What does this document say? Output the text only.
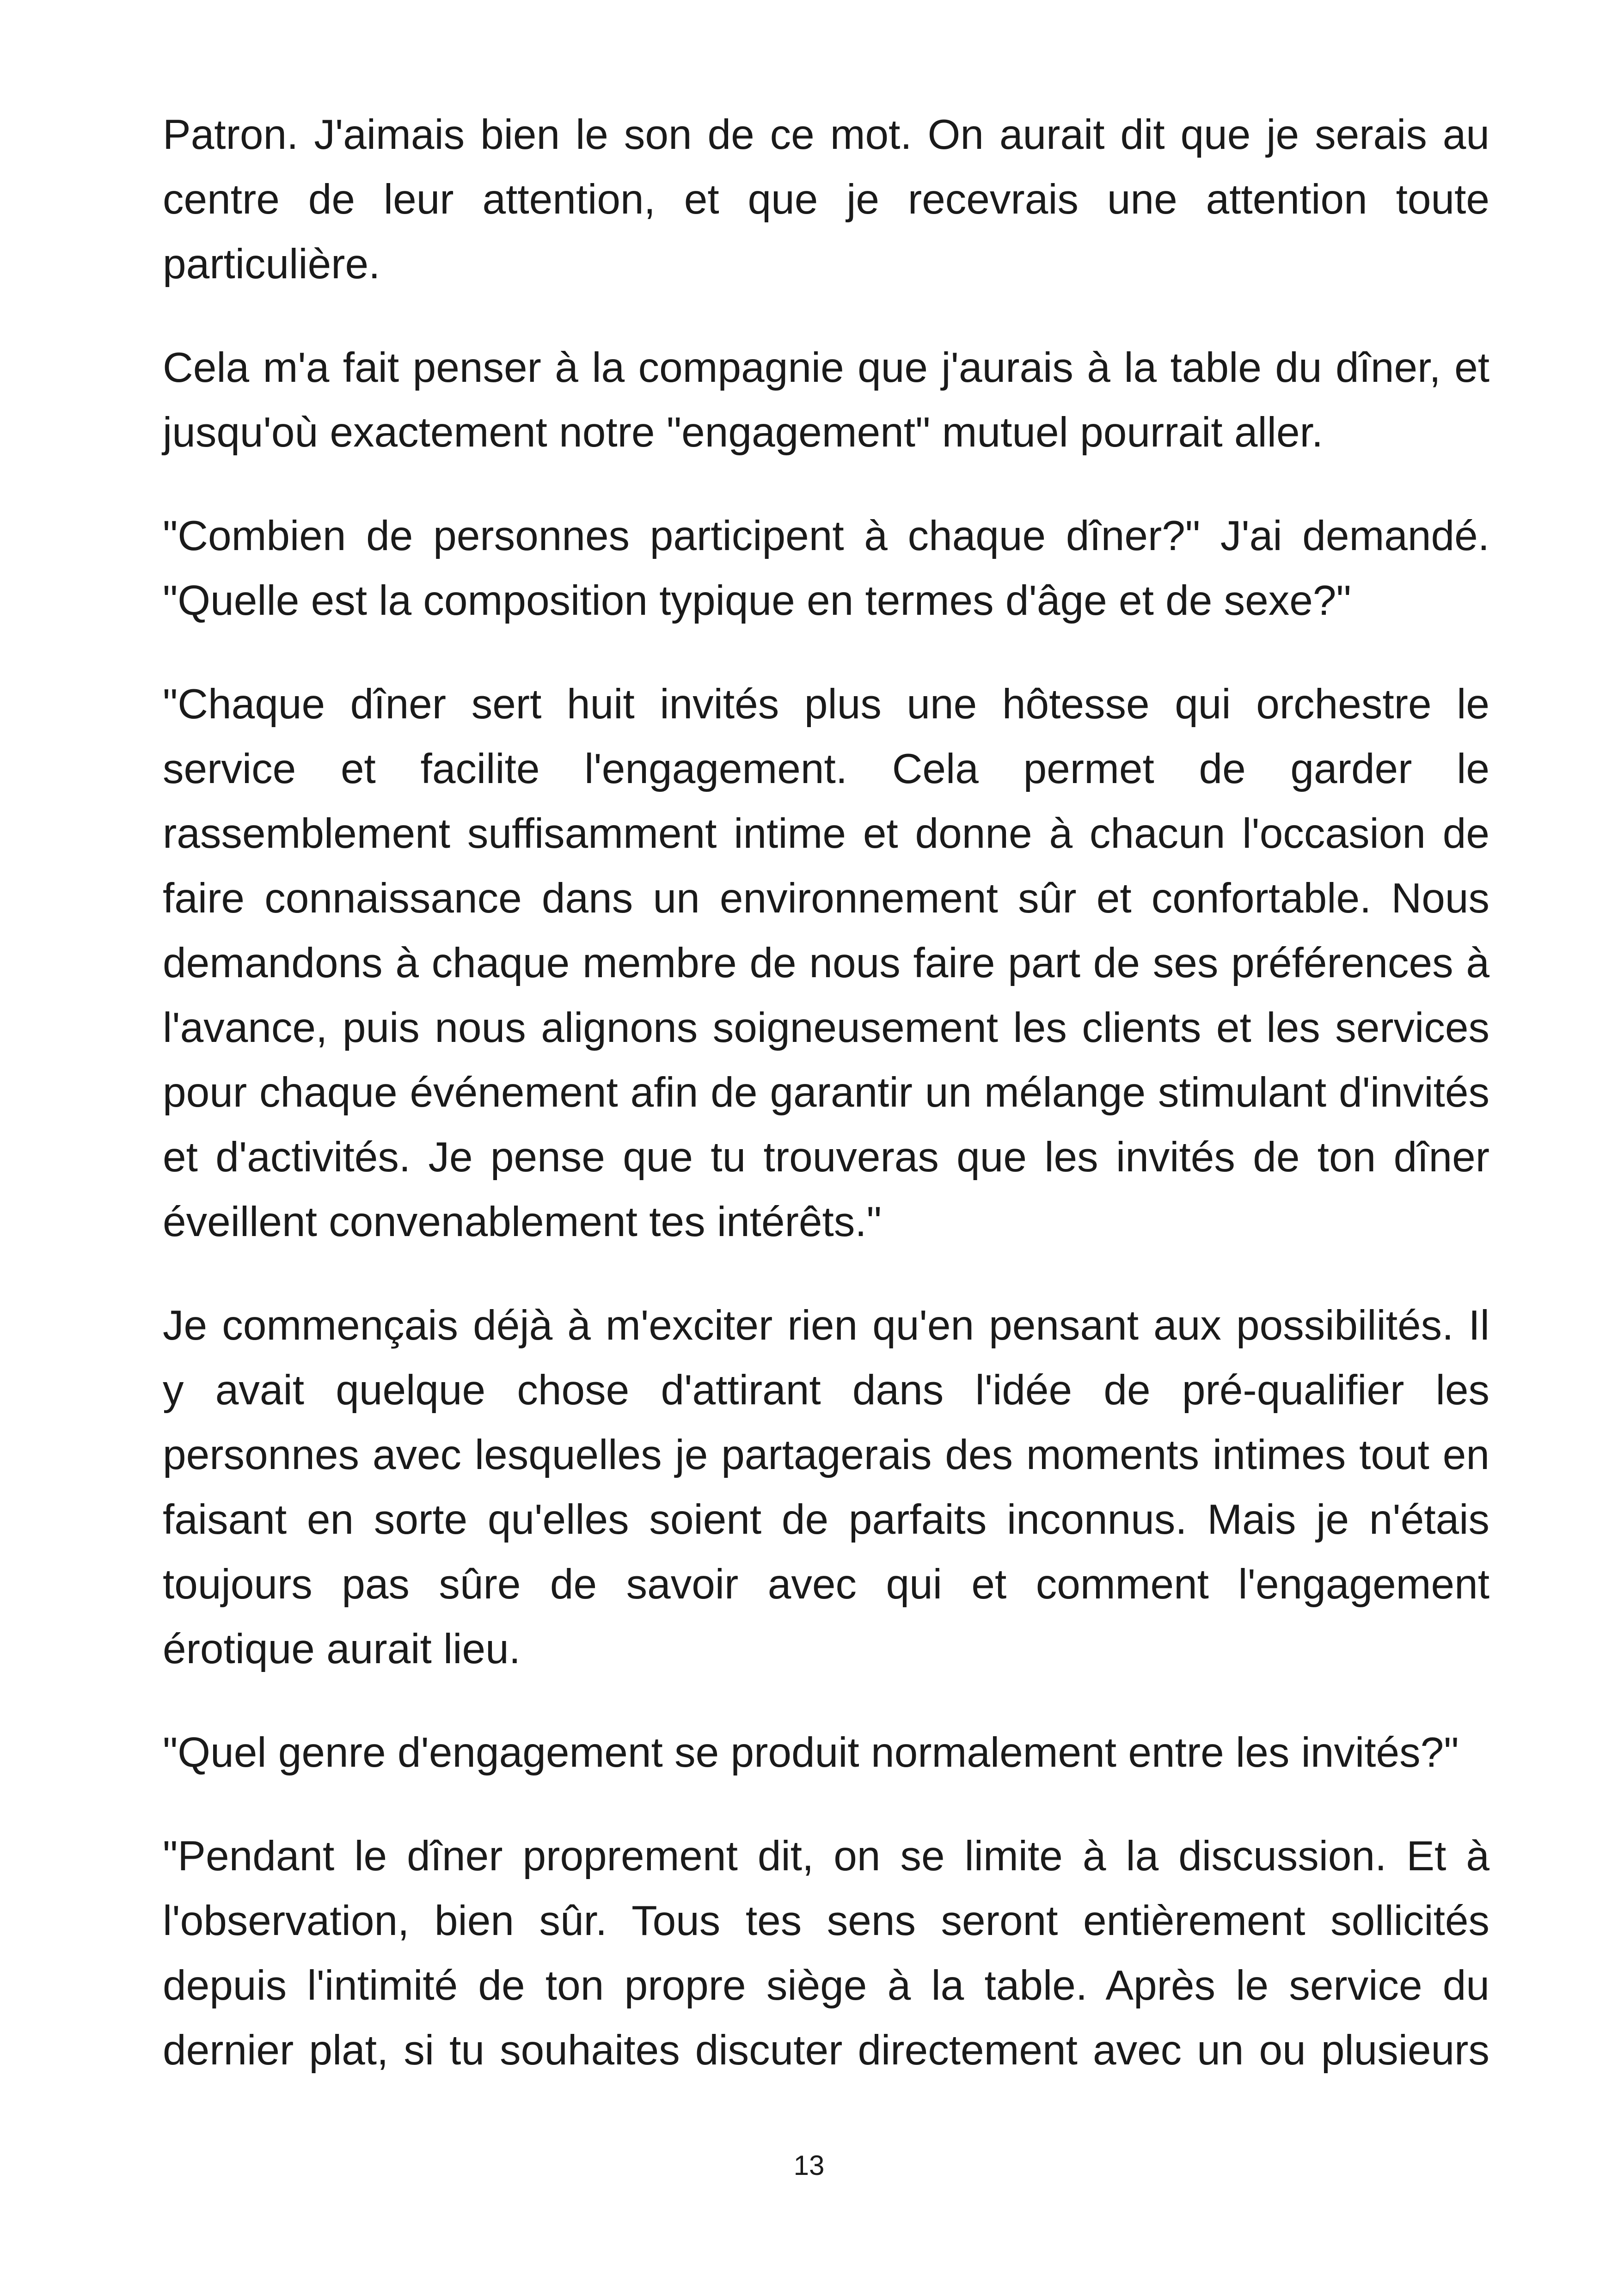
Patron. J'aimais bien le son de ce mot. On aurait dit que je serais au centre de leur attention, et que je recevrais une attention toute particulière.

Cela m'a fait penser à la compagnie que j'aurais à la table du dîner, et jusqu'où exactement notre "engagement" mutuel pourrait aller.

"Combien de personnes participent à chaque dîner?" J'ai demandé. "Quelle est la composition typique en termes d'âge et de sexe?"

"Chaque dîner sert huit invités plus une hôtesse qui orchestre le service et facilite l'engagement. Cela permet de garder le rassemblement suffisamment intime et donne à chacun l'occasion de faire connaissance dans un environnement sûr et confortable. Nous demandons à chaque membre de nous faire part de ses préférences à l'avance, puis nous alignons soigneusement les clients et les services pour chaque événement afin de garantir un mélange stimulant d'invités et d'activités. Je pense que tu trouveras que les invités de ton dîner éveillent convenablement tes intérêts."

Je commençais déjà à m'exciter rien qu'en pensant aux possibilités. Il y avait quelque chose d'attirant dans l'idée de pré-qualifier les personnes avec lesquelles je partagerais des moments intimes tout en faisant en sorte qu'elles soient de parfaits inconnus. Mais je n'étais toujours pas sûre de savoir avec qui et comment l'engagement érotique aurait lieu.

"Quel genre d'engagement se produit normalement entre les invités?"

"Pendant le dîner proprement dit, on se limite à la discussion. Et à l'observation, bien sûr. Tous tes sens seront entièrement sollicités depuis l'intimité de ton propre siège à la table. Après le service du dernier plat, si tu souhaites discuter directement avec un ou plusieurs

13
